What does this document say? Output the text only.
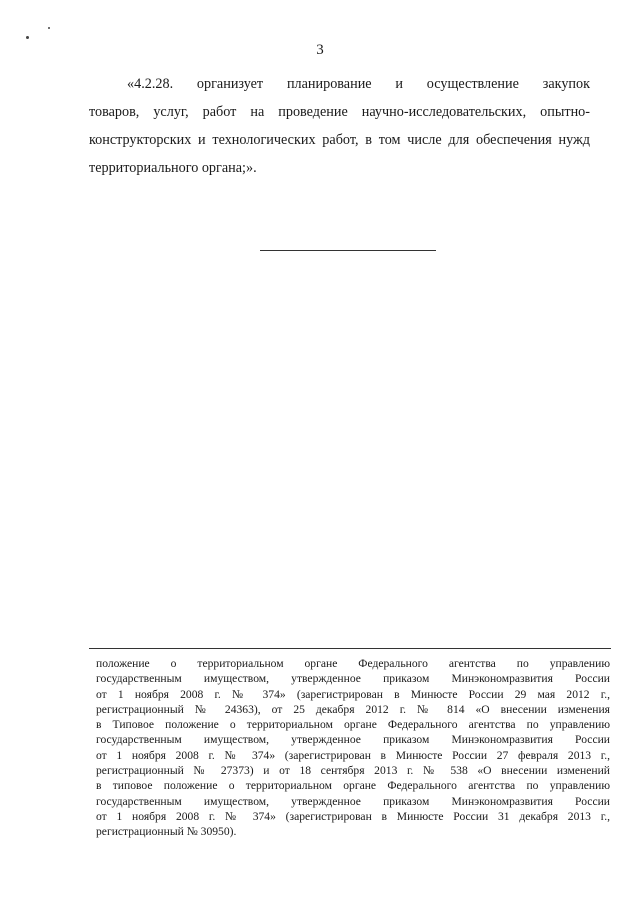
3
«4.2.28. организует планирование и осуществление закупок
товаров, услуг, работ на проведение научно-исследовательских, опытно-
конструкторских и технологических работ, в том числе для обеспечения нужд
территориального органа;».
положение о территориальном органе Федерального агентства по управлению
государственным имуществом, утвержденное приказом Минэкономразвития России
от 1 ноября 2008 г. № 374» (зарегистрирован в Минюсте России 29 мая 2012 г.,
регистрационный № 24363), от 25 декабря 2012 г. № 814 «О внесении изменения
в Типовое положение о территориальном органе Федерального агентства по управлению
государственным имуществом, утвержденное приказом Минэкономразвития России
от 1 ноября 2008 г. № 374» (зарегистрирован в Минюсте России 27 февраля 2013 г.,
регистрационный № 27373) и от 18 сентября 2013 г. № 538 «О внесении изменений
в типовое положение о территориальном органе Федерального агентства по управлению
государственным имуществом, утвержденное приказом Минэкономразвития России
от 1 ноября 2008 г. № 374» (зарегистрирован в Минюсте России 31 декабря 2013 г.,
регистрационный № 30950).
